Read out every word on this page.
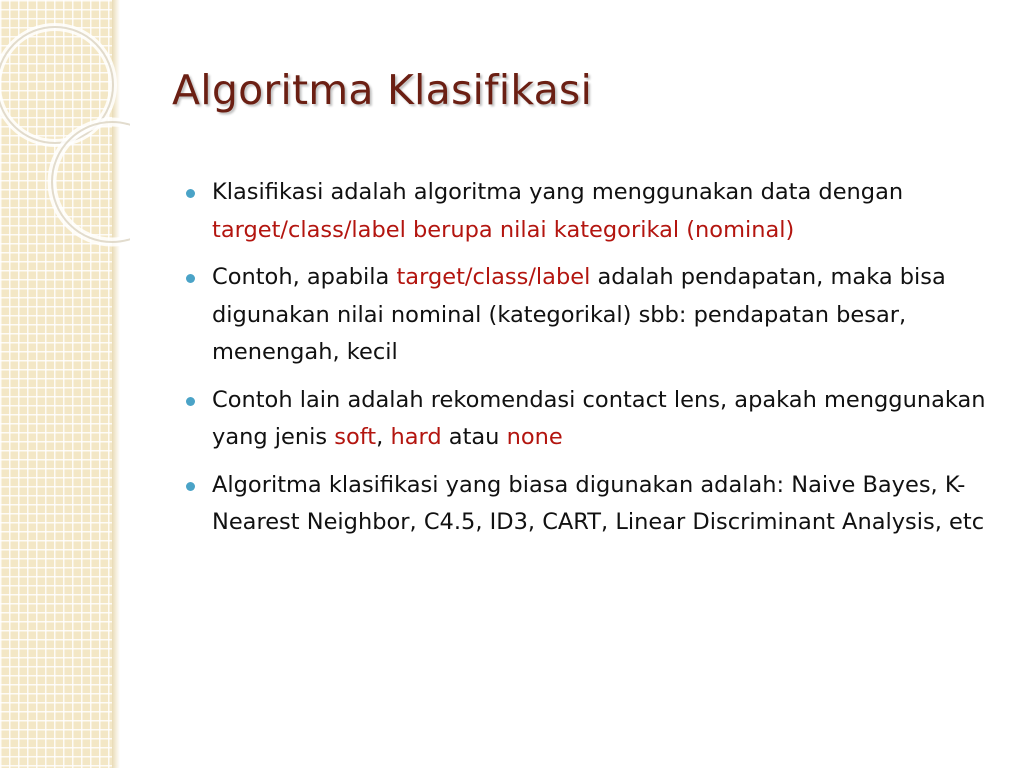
Algoritma Klasifikasi
Klasifikasi adalah algoritma yang menggunakan data dengan target/class/label berupa nilai kategorikal (nominal)
Contoh, apabila target/class/label adalah pendapatan, maka bisa digunakan nilai nominal (kategorikal) sbb: pendapatan besar, menengah, kecil
Contoh lain adalah rekomendasi contact lens, apakah menggunakan yang jenis soft, hard atau none
Algoritma klasifikasi yang biasa digunakan adalah: Naive Bayes, K-Nearest Neighbor, C4.5, ID3, CART, Linear Discriminant Analysis, etc
